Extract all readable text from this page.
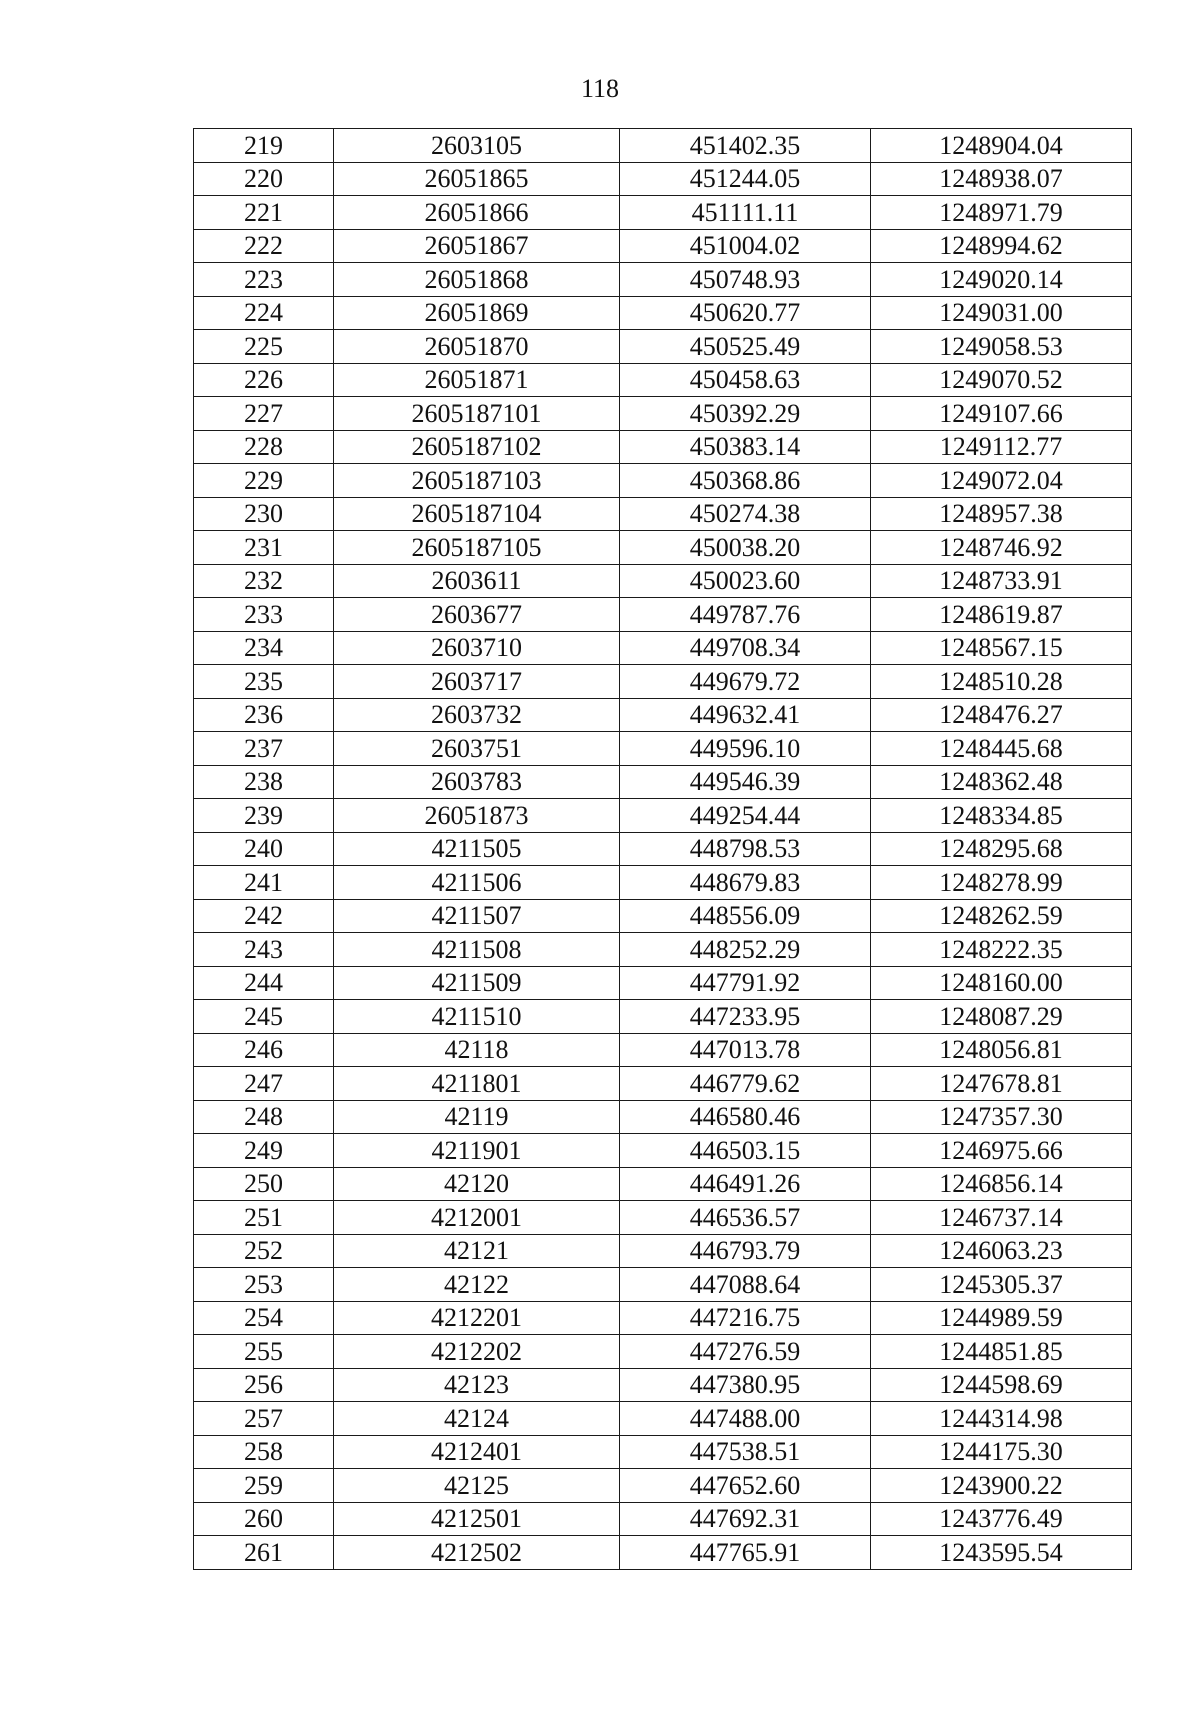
118
219	2603105	451402.35	1248904.04
220	26051865	451244.05	1248938.07
221	26051866	451111.11	1248971.79
222	26051867	451004.02	1248994.62
223	26051868	450748.93	1249020.14
224	26051869	450620.77	1249031.00
225	26051870	450525.49	1249058.53
226	26051871	450458.63	1249070.52
227	2605187101	450392.29	1249107.66
228	2605187102	450383.14	1249112.77
229	2605187103	450368.86	1249072.04
230	2605187104	450274.38	1248957.38
231	2605187105	450038.20	1248746.92
232	2603611	450023.60	1248733.91
233	2603677	449787.76	1248619.87
234	2603710	449708.34	1248567.15
235	2603717	449679.72	1248510.28
236	2603732	449632.41	1248476.27
237	2603751	449596.10	1248445.68
238	2603783	449546.39	1248362.48
239	26051873	449254.44	1248334.85
240	4211505	448798.53	1248295.68
241	4211506	448679.83	1248278.99
242	4211507	448556.09	1248262.59
243	4211508	448252.29	1248222.35
244	4211509	447791.92	1248160.00
245	4211510	447233.95	1248087.29
246	42118	447013.78	1248056.81
247	4211801	446779.62	1247678.81
248	42119	446580.46	1247357.30
249	4211901	446503.15	1246975.66
250	42120	446491.26	1246856.14
251	4212001	446536.57	1246737.14
252	42121	446793.79	1246063.23
253	42122	447088.64	1245305.37
254	4212201	447216.75	1244989.59
255	4212202	447276.59	1244851.85
256	42123	447380.95	1244598.69
257	42124	447488.00	1244314.98
258	4212401	447538.51	1244175.30
259	42125	447652.60	1243900.22
260	4212501	447692.31	1243776.49
261	4212502	447765.91	1243595.54
